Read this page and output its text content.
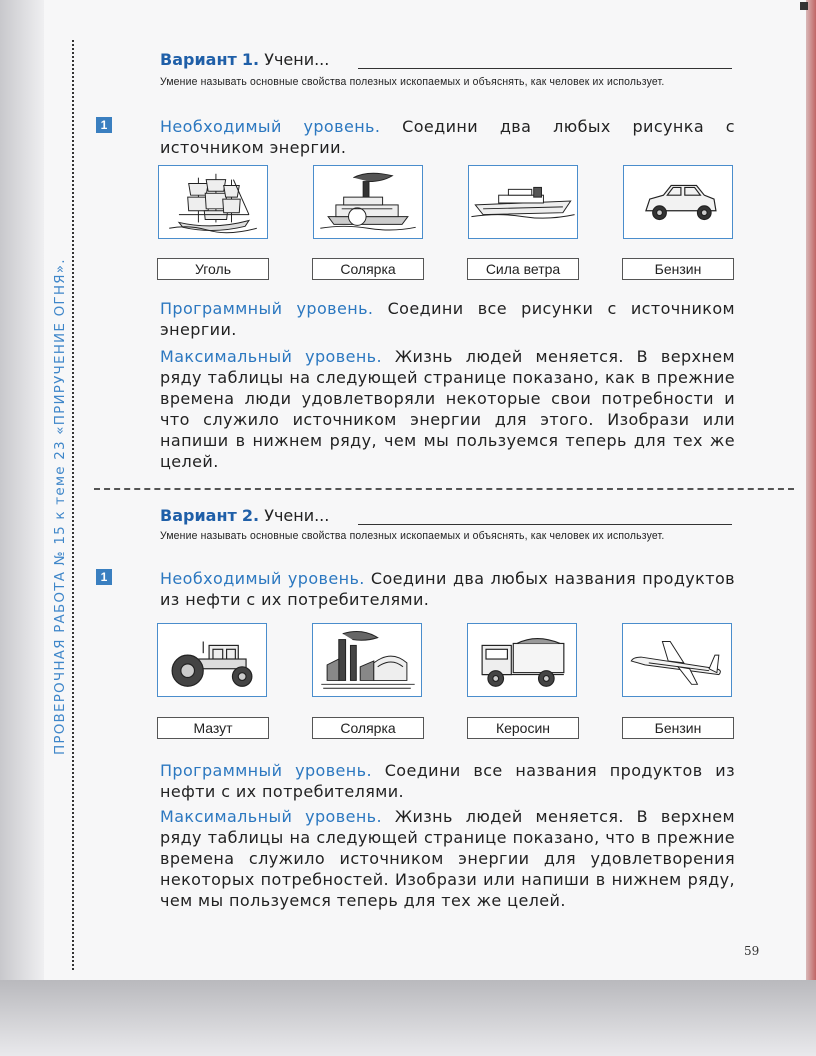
ПРОВЕРОЧНАЯ РАБОТА № 15 к теме 23 «ПРИРУЧЕНИЕ ОГНЯ».
Вариант 1. Учени...
Умение называть основные свойства полезных ископаемых и объяснять, как человек их использует.
1	Необходимый уровень. Соедини два любых рисунка с источником энергии.
Уголь	Солярка	Сила ветра	Бензин
Программный уровень. Соедини все рисунки с источником энергии.
Максимальный уровень. Жизнь людей меняется. В верхнем ряду таблицы на следующей странице показано, как в прежние времена люди удовлетворяли некоторые свои потребности и что служило источником энергии для этого. Изобрази или напиши в нижнем ряду, чем мы пользуемся теперь для тех же целей.
Вариант 2. Учени...
Умение называть основные свойства полезных ископаемых и объяснять, как человек их использует.
1	Необходимый уровень. Соедини два любых названия продуктов из нефти с их потребителями.
Мазут	Солярка	Керосин	Бензин
Программный уровень. Соедини все названия продуктов из нефти с их потребителями.
Максимальный уровень. Жизнь людей меняется. В верхнем ряду таблицы на следующей странице показано, что в прежние времена служило источником энергии для удовлетворения некоторых потребностей. Изобрази или напиши в нижнем ряду, чем мы пользуемся теперь для тех же целей.
59
